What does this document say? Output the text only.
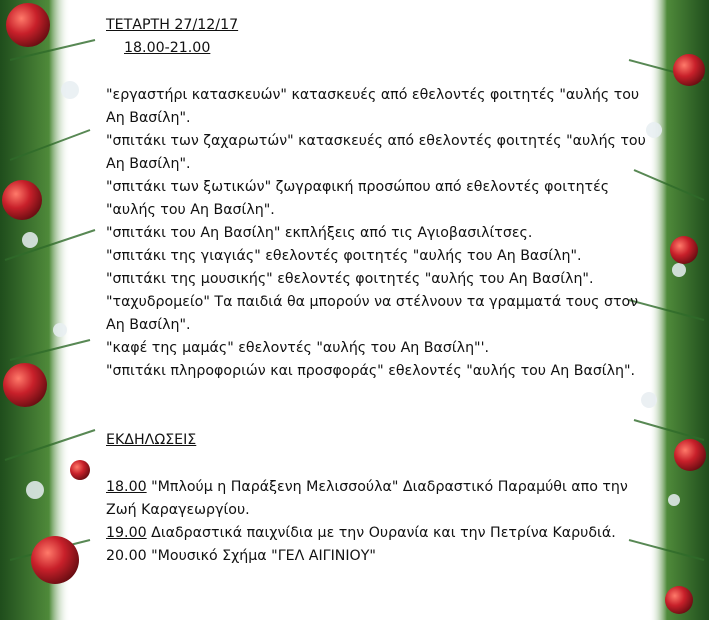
ΤΕΤΑΡΤΗ 27/12/17

18.00-21.00

"εργαστήρι κατασκευών" κατασκευές από εθελοντές φοιτητές "αυλής του Αη Βασίλη".

"σπιτάκι των ζαχαρωτών" κατασκευές από εθελοντές φοιτητές "αυλής του Αη Βασίλη".

"σπιτάκι των ξωτικών" ζωγραφική προσώπου από εθελοντές φοιτητές "αυλής του Αη Βασίλη".

"σπιτάκι του Αη Βασίλη" εκπλήξεις από τις Αγιοβασιλίτσες.

"σπιτάκι της γιαγιάς" εθελοντές φοιτητές "αυλής του Αη Βασίλη".

"σπιτάκι της μουσικής" εθελοντές φοιτητές "αυλής του Αη Βασίλη".

"ταχυδρομείο" Τα παιδιά θα μπορούν να στέλνουν τα γραμματά τους στον Αη Βασίλη".

"καφέ της μαμάς" εθελοντές "αυλής του Αη Βασίλη"'.

"σπιτάκι πληροφοριών και προσφοράς" εθελοντές "αυλής του Αη Βασίλη".

ΕΚΔΗΛΩΣΕΙΣ

18.00 "Μπλούμ η Παράξενη Μελισσούλα" Διαδραστικό Παραμύθι απο την Ζωή Καραγεωργίου.

19.00 Διαδραστικά παιχνίδια με την Ουρανία και την Πετρίνα Καρυδιά.

20.00 "Μουσικό Σχήμα "ΓΕΛ ΑΙΓΙΝΙΟΥ"
